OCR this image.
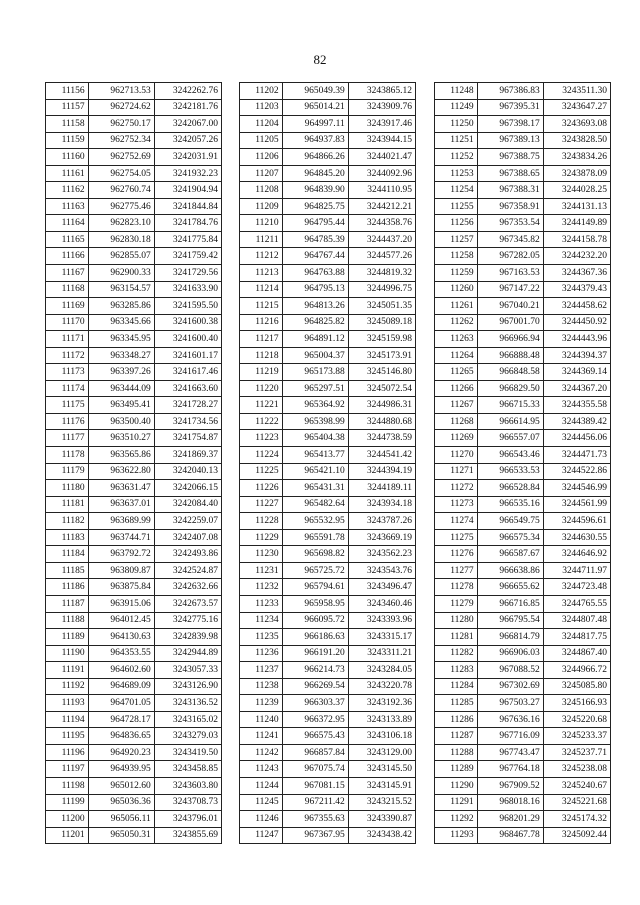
82
11156	962713.53	3242262.76
11157	962724.62	3242181.76
11158	962750.17	3242067.00
11159	962752.34	3242057.26
11160	962752.69	3242031.91
11161	962754.05	3241932.23
11162	962760.74	3241904.94
11163	962775.46	3241844.84
11164	962823.10	3241784.76
11165	962830.18	3241775.84
11166	962855.07	3241759.42
11167	962900.33	3241729.56
11168	963154.57	3241633.90
11169	963285.86	3241595.50
11170	963345.66	3241600.38
11171	963345.95	3241600.40
11172	963348.27	3241601.17
11173	963397.26	3241617.46
11174	963444.09	3241663.60
11175	963495.41	3241728.27
11176	963500.40	3241734.56
11177	963510.27	3241754.87
11178	963565.86	3241869.37
11179	963622.80	3242040.13
11180	963631.47	3242066.15
11181	963637.01	3242084.40
11182	963689.99	3242259.07
11183	963744.71	3242407.08
11184	963792.72	3242493.86
11185	963809.87	3242524.87
11186	963875.84	3242632.66
11187	963915.06	3242673.57
11188	964012.45	3242775.16
11189	964130.63	3242839.98
11190	964353.55	3242944.89
11191	964602.60	3243057.33
11192	964689.09	3243126.90
11193	964701.05	3243136.52
11194	964728.17	3243165.02
11195	964836.65	3243279.03
11196	964920.23	3243419.50
11197	964939.95	3243458.85
11198	965012.60	3243603.80
11199	965036.36	3243708.73
11200	965056.11	3243796.01
11201	965050.31	3243855.69
11202	965049.39	3243865.12
11203	965014.21	3243909.76
11204	964997.11	3243917.46
11205	964937.83	3243944.15
11206	964866.26	3244021.47
11207	964845.20	3244092.96
11208	964839.90	3244110.95
11209	964825.75	3244212.21
11210	964795.44	3244358.76
11211	964785.39	3244437.20
11212	964767.44	3244577.26
11213	964763.88	3244819.32
11214	964795.13	3244996.75
11215	964813.26	3245051.35
11216	964825.82	3245089.18
11217	964891.12	3245159.98
11218	965004.37	3245173.91
11219	965173.88	3245146.80
11220	965297.51	3245072.54
11221	965364.92	3244986.31
11222	965398.99	3244880.68
11223	965404.38	3244738.59
11224	965413.77	3244541.42
11225	965421.10	3244394.19
11226	965431.31	3244189.11
11227	965482.64	3243934.18
11228	965532.95	3243787.26
11229	965591.78	3243669.19
11230	965698.82	3243562.23
11231	965725.72	3243543.76
11232	965794.61	3243496.47
11233	965958.95	3243460.46
11234	966095.72	3243393.96
11235	966186.63	3243315.17
11236	966191.20	3243311.21
11237	966214.73	3243284.05
11238	966269.54	3243220.78
11239	966303.37	3243192.36
11240	966372.95	3243133.89
11241	966575.43	3243106.18
11242	966857.84	3243129.00
11243	967075.74	3243145.50
11244	967081.15	3243145.91
11245	967211.42	3243215.52
11246	967355.63	3243390.87
11247	967367.95	3243438.42
11248	967386.83	3243511.30
11249	967395.31	3243647.27
11250	967398.17	3243693.08
11251	967389.13	3243828.50
11252	967388.75	3243834.26
11253	967388.65	3243878.09
11254	967388.31	3244028.25
11255	967358.91	3244131.13
11256	967353.54	3244149.89
11257	967345.82	3244158.78
11258	967282.05	3244232.20
11259	967163.53	3244367.36
11260	967147.22	3244379.43
11261	967040.21	3244458.62
11262	967001.70	3244450.92
11263	966966.94	3244443.96
11264	966888.48	3244394.37
11265	966848.58	3244369.14
11266	966829.50	3244367.20
11267	966715.33	3244355.58
11268	966614.95	3244389.42
11269	966557.07	3244456.06
11270	966543.46	3244471.73
11271	966533.53	3244522.86
11272	966528.84	3244546.99
11273	966535.16	3244561.99
11274	966549.75	3244596.61
11275	966575.34	3244630.55
11276	966587.67	3244646.92
11277	966638.86	3244711.97
11278	966655.62	3244723.48
11279	966716.85	3244765.55
11280	966795.54	3244807.48
11281	966814.79	3244817.75
11282	966906.03	3244867.40
11283	967088.52	3244966.72
11284	967302.69	3245085.80
11285	967503.27	3245166.93
11286	967636.16	3245220.68
11287	967716.09	3245233.37
11288	967743.47	3245237.71
11289	967764.18	3245238.08
11290	967909.52	3245240.67
11291	968018.16	3245221.68
11292	968201.29	3245174.32
11293	968467.78	3245092.44
